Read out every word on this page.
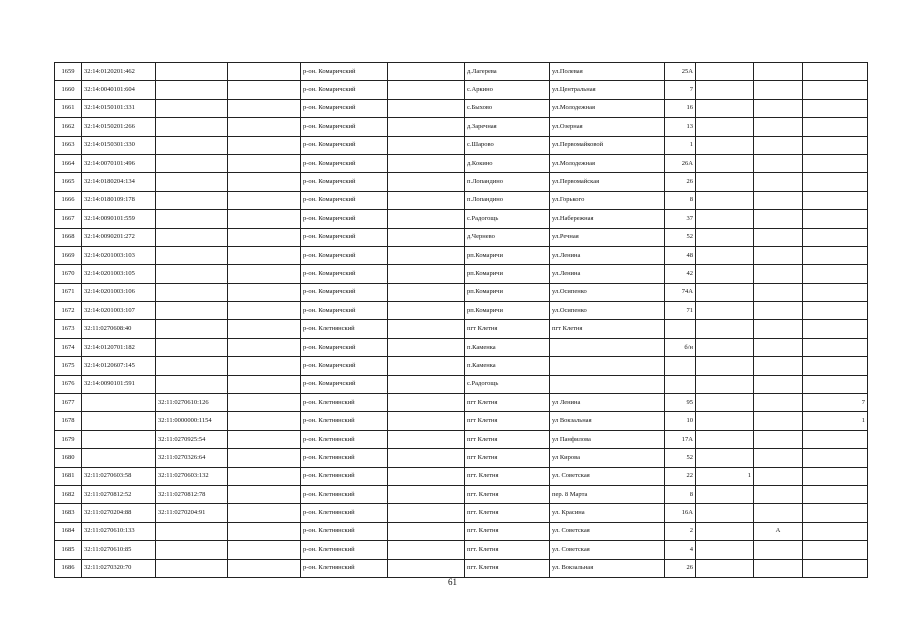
1659	32:14:0120201:462			р-он. Комаричский		д.Лагерева	ул.Полевая	25А			
1660	32:14:0040101:604			р-он. Комаричский		с.Аркино	ул.Центральная	7			
1661	32:14:0150101:331			р-он. Комаричский		с.Быхово	ул.Молодежная	16			
1662	32:14:0150201:266			р-он. Комаричский		д.Заречная	ул.Озерная	13			
1663	32:14:0150301:330			р-он. Комаричский		с.Шарово	ул.Первомайковой	1			
1664	32:14:0070101:496			р-он. Комаричский		д.Кокино	ул.Молодежная	26А			
1665	32:14:0180204:134			р-он. Комаричский		п.Лопандино	ул.Первомайская	26			
1666	32:14:0180109:178			р-он. Комаричский		п.Лопандино	ул.Горького	8			
1667	32:14:0090101:559			р-он. Комаричский		с.Радогощь	ул.Набережная	37			
1668	32:14:0090201:272			р-он. Комаричский		д.Чернево	ул.Речная	52			
1669	32:14:0201003:103			р-он. Комаричский		рп.Комаричи	ул.Ленина	48			
1670	32:14:0201003:105			р-он. Комаричский		рп.Комаричи	ул.Ленина	42			
1671	32:14:0201003:106			р-он. Комаричский		рп.Комаричи	ул.Осипенко	74А			
1672	32:14:0201003:107			р-он. Комаричский		рп.Комаричи	ул.Осипенко	71			
1673	32:11:0270608:40			р-он. Клетнянский		пгт Клетня	пгт Клетня				
1674	32:14:0120701:182			р-он. Комаричский		п.Каменка		б/н			
1675	32:14:0120607:145			р-он. Комаричский		п.Каменка					
1676	32:14:0090101:591			р-он. Комаричский		с.Радогощь					
1677		32:11:0270610:126		р-он. Клетнянский		пгт Клетня	ул Ленина	95			7
1678		32:11:0000000:1154		р-он. Клетнянский		пгт Клетня	ул Вокзальная	10			1
1679		32:11:0270925:54		р-он. Клетнянский		пгт Клетня	ул Панфилова	17А			
1680		32:11:0270326:64		р-он. Клетнянский		пгт Клетня	ул Кирова	52			
1681	32:11:0270603:58	32:11:0270603:132		р-он. Клетнянский		пгт. Клетня	ул. Советская	22	1		
1682	32:11:0270812:52	32:11:0270812:78		р-он. Клетнянский		пгт. Клетня	пер. 8 Марта	8			
1683	32:11:0270204:88	32:11:0270204:91		р-он. Клетнянский		пгт. Клетня	ул. Красина	16А			
1684	32:11:0270610:133			р-он. Клетнянский		пгт. Клетня	ул. Советская	2		А	
1685	32:11:0270610:85			р-он. Клетнянский		пгт. Клетня	ул. Советская	4			
1686	32:11:0270320:70			р-он. Клетнянский		пгт. Клетня	ул. Вокзальная	26			
61
